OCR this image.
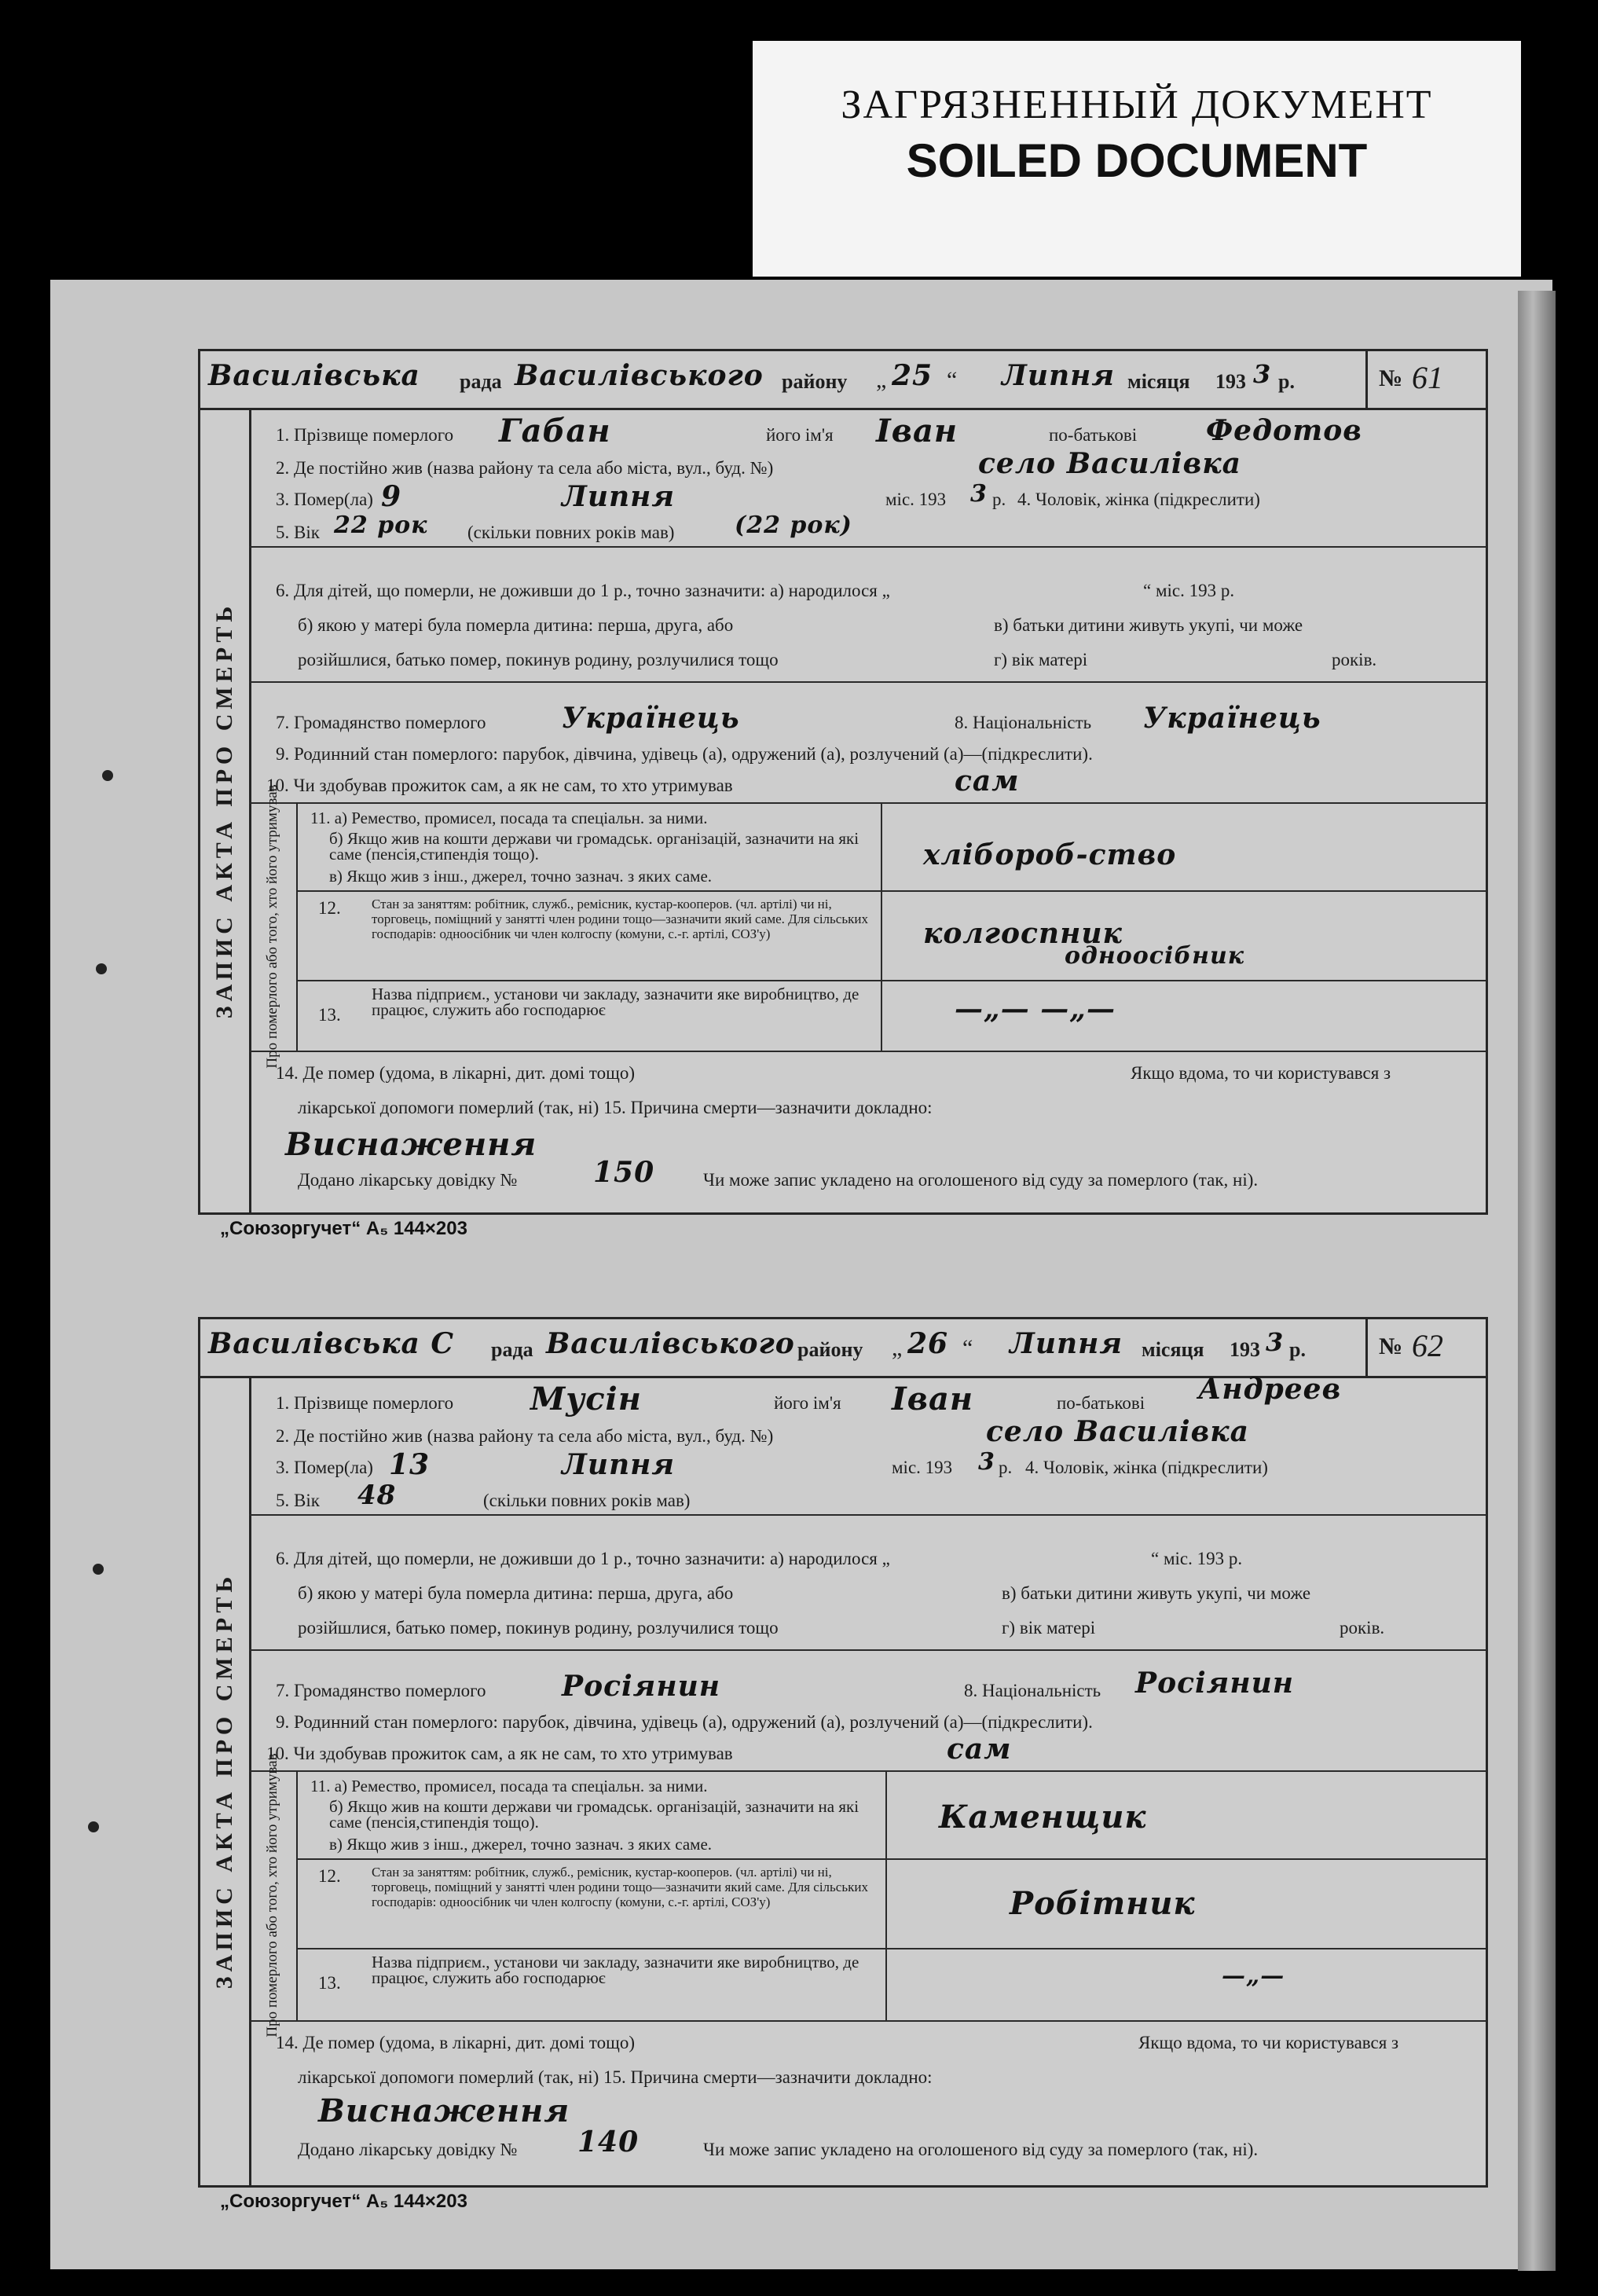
ЗАГРЯЗНЕННЫЙ ДОКУМЕНТ
SOILED DOCUMENT
Василівська рада Василівського району „ 25 “ Липня місяця 193 3 р.	№ 61
ЗАПИС АКТА ПРО СМЕРТЬ Про померлого або того, хто його утримував
1. Прізвище померлого Габан	його ім'я Іван	по-батькові Федотов
2. Де постійно жив (назва району та села або міста, вул., буд. №)	село Василівка
3. Помер(ла) 9	Липня	міс. 193 3 р. 4. Чоловік, жінка (підкреслити)
5. Вік 22 рок (скільки повних років мав)	(22 рок)
6. Для дітей, що померли, не доживши до 1 р., точно зазначити: а) народилося „	“ міс. 193 р.
б) якою у матері була померла дитина: перша, друга, або	в) батьки дитини живуть укупі, чи може
розійшлися, батько помер, покинув родину, розлучилися тощо	г) вік матері	років.
7. Громадянство померлого	Українець	8. Національність Українець
9. Родинний стан померлого: парубок, дівчина, удівець (а), одружений (а), розлучений (а)—(підкреслити).
10. Чи здобував прожиток сам, а як не сам, то хто утримував	сам
11. а) Ремество, промисел, посада та спеціальн. за ними.
б) Якщо жив на кошти держави чи громадськ. організацій, зазначити на які саме (пенсія,стипендія тощо).
в) Якщо жив з інш., джерел, точно зазнач. з яких саме.
хлібороб-ство
12. Стан за заняттям: робітник, служб., ремісник, кустар-кооперов. (чл. артілі) чи ні, торговець, поміщний у занятті член родини тощо—зазначити який саме. Для сільських господарів: одноосібник чи член колгоспу (комуни, с.-г. артілі, СОЗ'у)	колгоспник
одноосібник
13.
Назва підприєм., установи чи закладу, зазначити яке виробництво, де працює, служить або господарює	—„— —„—
14. Де помер (удома, в лікарні, дит. домі тощо)	Якщо вдома, то чи користувався з
лікарської допомоги померлий (так, ні) 15. Причина смерти—зазначити докладно:
Виснаження
Додано лікарську довідку №	150	Чи може запис укладено на оголошеного від суду за померлого (так, ні).
„Союзоргучет“ А₅ 144×203
Василівська С рада Василівського району „ 26 “ Липня місяця 193 3 р.	№ 62
ЗАПИС АКТА ПРО СМЕРТЬ Про померлого або того, хто його утримував
1. Прізвище померлого Мусін	його ім'я Іван	по-батькові Андреев
2. Де постійно жив (назва району та села або міста, вул., буд. №)	село Василівка
3. Помер(ла) 13	Липня	міс. 193 3 р. 4. Чоловік, жінка (підкреслити)
5. Вік 48	(скільки повних років мав)
6. Для дітей, що померли, не доживши до 1 р., точно зазначити: а) народилося „	“ міс. 193 р.
б) якою у матері була померла дитина: перша, друга, або	в) батьки дитини живуть укупі, чи може
розійшлися, батько помер, покинув родину, розлучилися тощо	г) вік матері	років.
7. Громадянство померлого	Росіянин	8. Національність Росіянин
9. Родинний стан померлого: парубок, дівчина, удівець (а), одружений (а), розлучений (а)—(підкреслити).
10. Чи здобував прожиток сам, а як не сам, то хто утримував	сам
11. а) Ремество, промисел, посада та спеціальн. за ними.
б) Якщо жив на кошти держави чи громадськ. організацій, зазначити на які саме (пенсія,стипендія тощо).
в) Якщо жив з інш., джерел, точно зазнач. з яких саме.
Каменщик
12. Стан за заняттям: робітник, служб., ремісник, кустар-кооперов. (чл. артілі) чи ні, торговець, поміщний у занятті член родини тощо—зазначити який саме. Для сільських господарів: одноосібник чи член колгоспу (комуни, с.-г. артілі, СОЗ'у)	Робітник
13.
Назва підприєм., установи чи закладу, зазначити яке виробництво, де працює, служить або господарює	—„—
14. Де помер (удома, в лікарні, дит. домі тощо)	Якщо вдома, то чи користувався з
лікарської допомоги померлий (так, ні) 15. Причина смерти—зазначити докладно:
Виснаження
Додано лікарську довідку № 140	Чи може запис укладено на оголошеного від суду за померлого (так, ні).
„Союзоргучет“ А₅ 144×203
